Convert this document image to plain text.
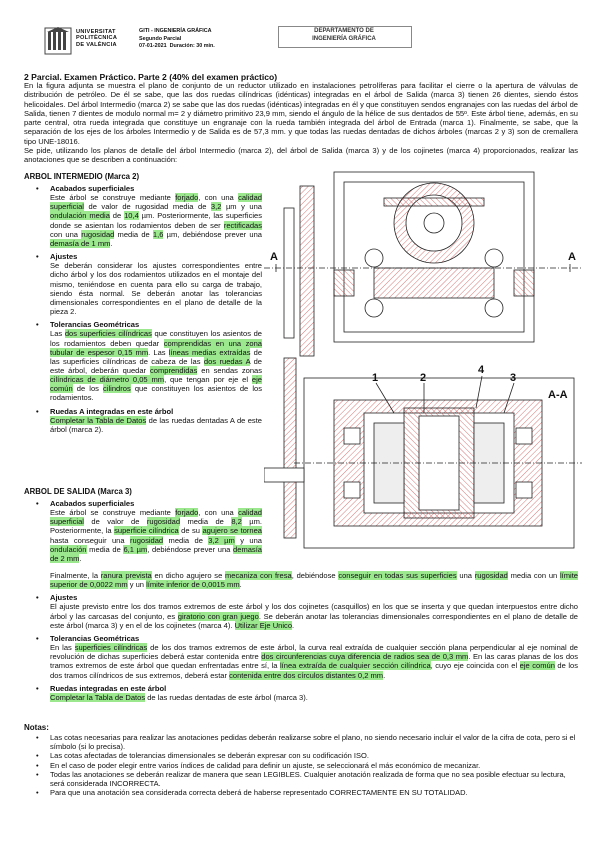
UNIVERSITAT
POLITÈCNICA
DE VALÈNCIA
GITI - INGENIERÍA GRÁFICA
Segundo Parcial
07-01-2021 Duración: 30 min.
DEPARTAMENTO DE
INGENIERÍA GRÁFICA
2 Parcial. Examen Práctico. Parte 2 (40% del examen práctico)
En la figura adjunta se muestra el plano de conjunto de un reductor utilizado en instalaciones petrolíferas para facilitar el cierre o la apertura de válvulas de distribución de petróleo. De él se sabe, que las dos ruedas cilíndricas (idénticas) integradas en el árbol de Salida (marca 3) tienen 26 dientes, siendo éstos helicoidales. Del árbol Intermedio (marca 2) se sabe que las dos ruedas (idénticas) integradas en él y que constituyen sendos engranajes con las ruedas del árbol de Salida, tienen 7 dientes de modulo normal m= 2 y diámetro primitivo 23,9 mm, siendo el ángulo de la hélice de sus dentados de 55º. Este árbol tiene, además, en su parte central, otra rueda integrada que constituye un engranaje con la rueda también integrada del árbol de Entrada (marca 1). Finalmente, se sabe, que la separación de los ejes de los árboles Intermedio y de Salida es de 57,3 mm. y que todas las ruedas dentadas de dichos árboles (marcas 2 y 3) son de cremallera tipo UNE-18016.
Se pide, utilizando los planos de detalle del árbol Intermedio (marca 2), del árbol de Salida (marca 3) y de los cojinetes (marca 4) proporcionados, realizar las anotaciones que se describen a continuación:
ARBOL INTERMEDIO (Marca 2)
• Acabados superficiales
Este árbol se construye mediante forjado, con una calidad superficial de valor de rugosidad media de 3,2 µm y una ondulación media de 10,4 µm. Posteriormente, las superficies donde se asientan los rodamientos deben de ser rectificadas con una rugosidad media de 1,6 µm, debiéndose prever una demasía de 1 mm.
• Ajustes
Se deberán considerar los ajustes correspondientes entre dicho árbol y los dos rodamientos utilizados en el montaje del mismo, teniéndose en cuenta para ello su carga de trabajo, siendo ésta normal. Se deberán anotar las tolerancias dimensionales correspondientes en el plano de detalle de la pieza 2.
• Tolerancias Geométricas
Las dos superficies cilíndricas que constituyen los asientos de los rodamientos deben quedar comprendidas en una zona tubular de espesor 0,15 mm. Las líneas medias extraídas de las superficies cilíndricas de cabeza de las dos ruedas A de este árbol, deberán quedar comprendidas en sendas zonas cilíndricas de diámetro 0,05 mm, que tengan por eje el eje común de los cilindros que constituyen los asientos de los rodamientos.
• Ruedas A integradas en este árbol
Completar la Tabla de Datos de las ruedas dentadas A de este árbol (marca 2).
ARBOL DE SALIDA (Marca 3)
• Acabados superficiales
Este árbol se construye mediante forjado, con una calidad superficial de valor de rugosidad media de 8,2 µm. Posteriormente, la superficie cilíndrica de su agujero se tornea hasta conseguir una rugosidad media de 3,2 µm y una ondulación media de 6,1 µm, debiéndose prever una demasía de 2 mm.
Finalmente, la ranura prevista en dicho agujero se mecaniza con fresa, debiéndose conseguir en todas sus superficies una rugosidad media con un límite superior de 0,0022 mm y un límite inferior de 0,0015 mm.
• Ajustes
El ajuste previsto entre los dos tramos extremos de este árbol y los dos cojinetes (casquillos) en los que se inserta y que quedan interpuestos entre dicho árbol y las carcasas del conjunto, es giratorio con gran juego. Se deberán anotar las tolerancias dimensionales correspondientes en el plano de detalle de este árbol (marca 3) y en el de los cojinetes (marca 4). Utilizar Eje Unico.
• Tolerancias Geométricas
En las superficies cilíndricas de los dos tramos extremos de este árbol, la curva real extraída de cualquier sección plana perpendicular al eje nominal de revolución de dichas superficies deberá estar contenida entre dos circunferencias cuya diferencia de radios sea de 0,3 mm. En las caras planas de los dos tramos extremos de este árbol que quedan enfrentadas entre sí, la línea extraída de cualquier sección cilíndrica, cuyo eje coincida con el eje común de los dos tramos cilíndricos de sus extremos, deberá estar contenida entre dos círculos distantes 0,2 mm.
• Ruedas integradas en este árbol
Completar la Tabla de Datos de las ruedas dentadas de este árbol (marca 3).
Notas:
• Las cotas necesarias para realizar las anotaciones pedidas deberán realizarse sobre el plano, no siendo necesario incluir el valor de la cifra de cota, pero si el símbolo (si lo precisa).
• Las cotas afectadas de tolerancias dimensionales se deberán expresar con su codificación ISO.
• En el caso de poder elegir entre varios índices de calidad para definir un ajuste, se seleccionará el más económico de mecanizar.
• Todas las anotaciones se deberán realizar de manera que sean LEGIBLES. Cualquier anotación realizada de forma que no sea posible efectuar su lectura, será considerada INCORRECTA.
• Para que una anotación sea considerada correcta deberá de haberse representado CORRECTAMENTE EN SU TOTALIDAD.
A	A
1	2	3
4
A-A
